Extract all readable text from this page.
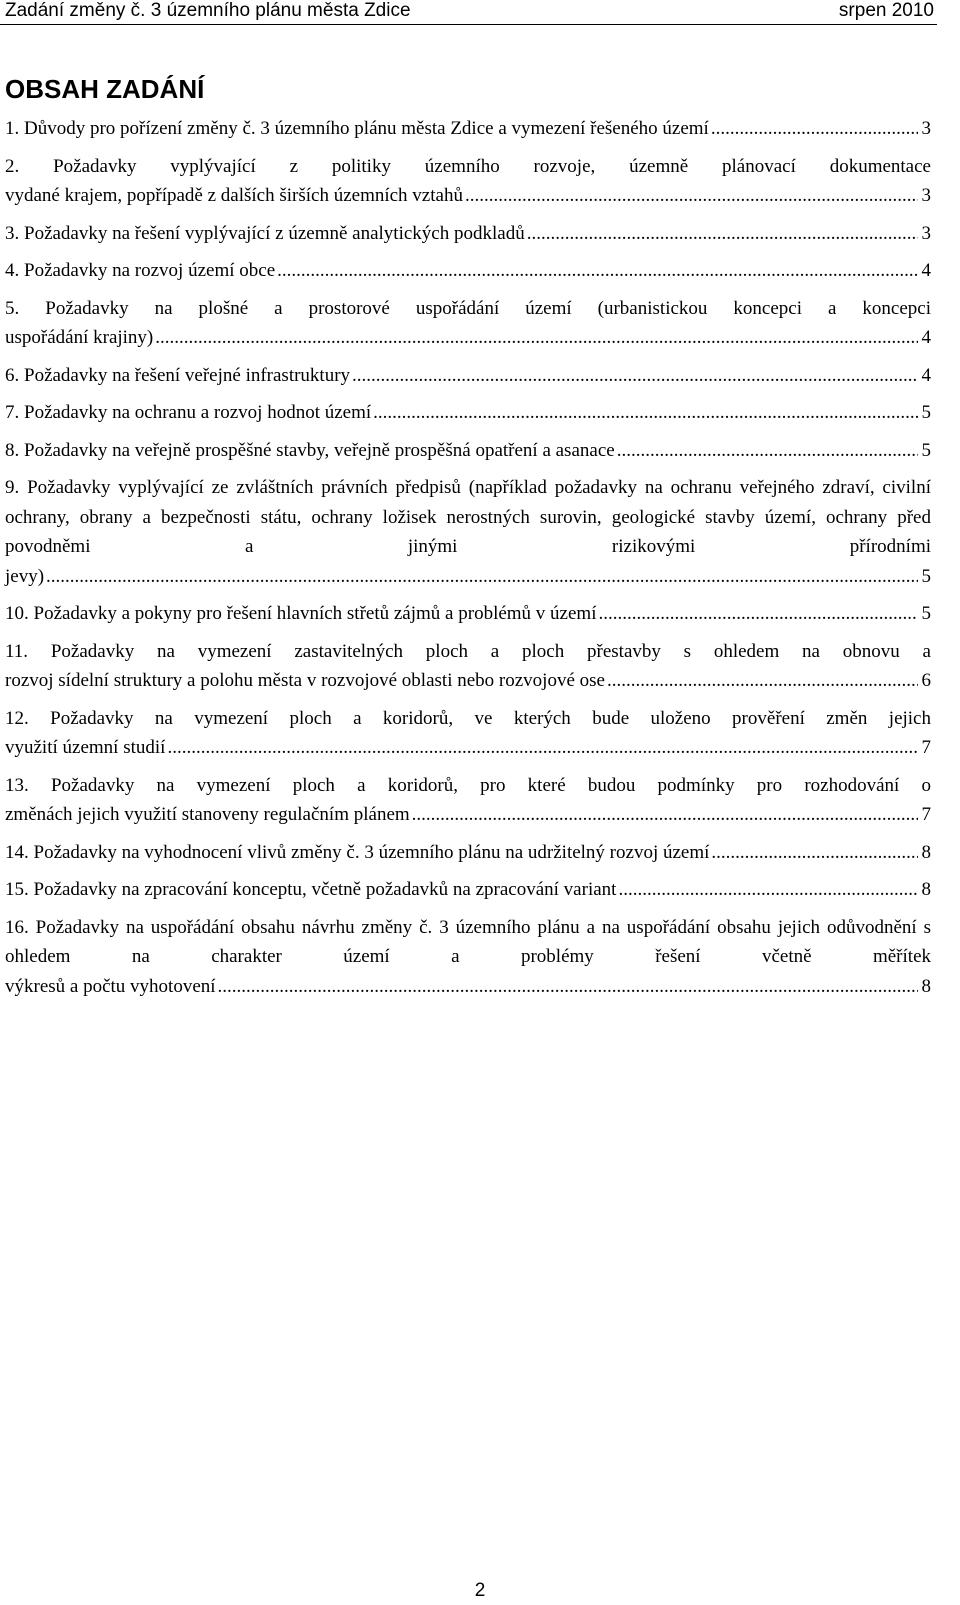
Zadání změny č. 3 územního plánu města Zdice	srpen 2010
OBSAH ZADÁNÍ
1. Důvody pro pořízení změny č. 3 územního plánu města Zdice a vymezení řešeného území .....	3
2. Požadavky vyplývající z politiky územního rozvoje, územně plánovací dokumentace
vydané krajem, popřípadě z dalších širších územních vztahů .....	3
3. Požadavky na řešení vyplývající z územně analytických podkladů .....	3
4. Požadavky na rozvoj území obce .....	4
5. Požadavky na plošné a prostorové uspořádání území (urbanistickou koncepci a koncepci
uspořádání krajiny) .....	4
6. Požadavky na řešení veřejné infrastruktury .....	4
7. Požadavky na ochranu a rozvoj hodnot území .....	5
8. Požadavky na veřejně prospěšné stavby, veřejně prospěšná opatření a asanace .....	5
9. Požadavky vyplývající ze zvláštních právních předpisů (například požadavky na ochranu veřejného zdraví, civilní ochrany, obrany a bezpečnosti státu, ochrany ložisek nerostných surovin, geologické stavby území, ochrany před povodněmi a jinými rizikovými přírodními
jevy) .....	5
10. Požadavky a pokyny pro řešení hlavních střetů zájmů a problémů v území .....	5
11. Požadavky na vymezení zastavitelných ploch a ploch přestavby s ohledem na obnovu a
rozvoj sídelní struktury a polohu města v rozvojové oblasti nebo rozvojové ose .....	6
12. Požadavky na vymezení ploch a koridorů, ve kterých bude uloženo prověření změn jejich
využití územní studií .....	7
13. Požadavky na vymezení ploch a koridorů, pro které budou podmínky pro rozhodování o
změnách jejich využití stanoveny regulačním plánem .....	7
14. Požadavky na vyhodnocení vlivů změny č. 3 územního plánu na udržitelný rozvoj území .....	8
15. Požadavky na zpracování konceptu, včetně požadavků na zpracování variant .....	8
16. Požadavky na uspořádání obsahu návrhu změny č. 3 územního plánu a na uspořádání obsahu jejich odůvodnění s ohledem na charakter území a problémy řešení včetně měřítek
výkresů a počtu vyhotovení .....	8
2
